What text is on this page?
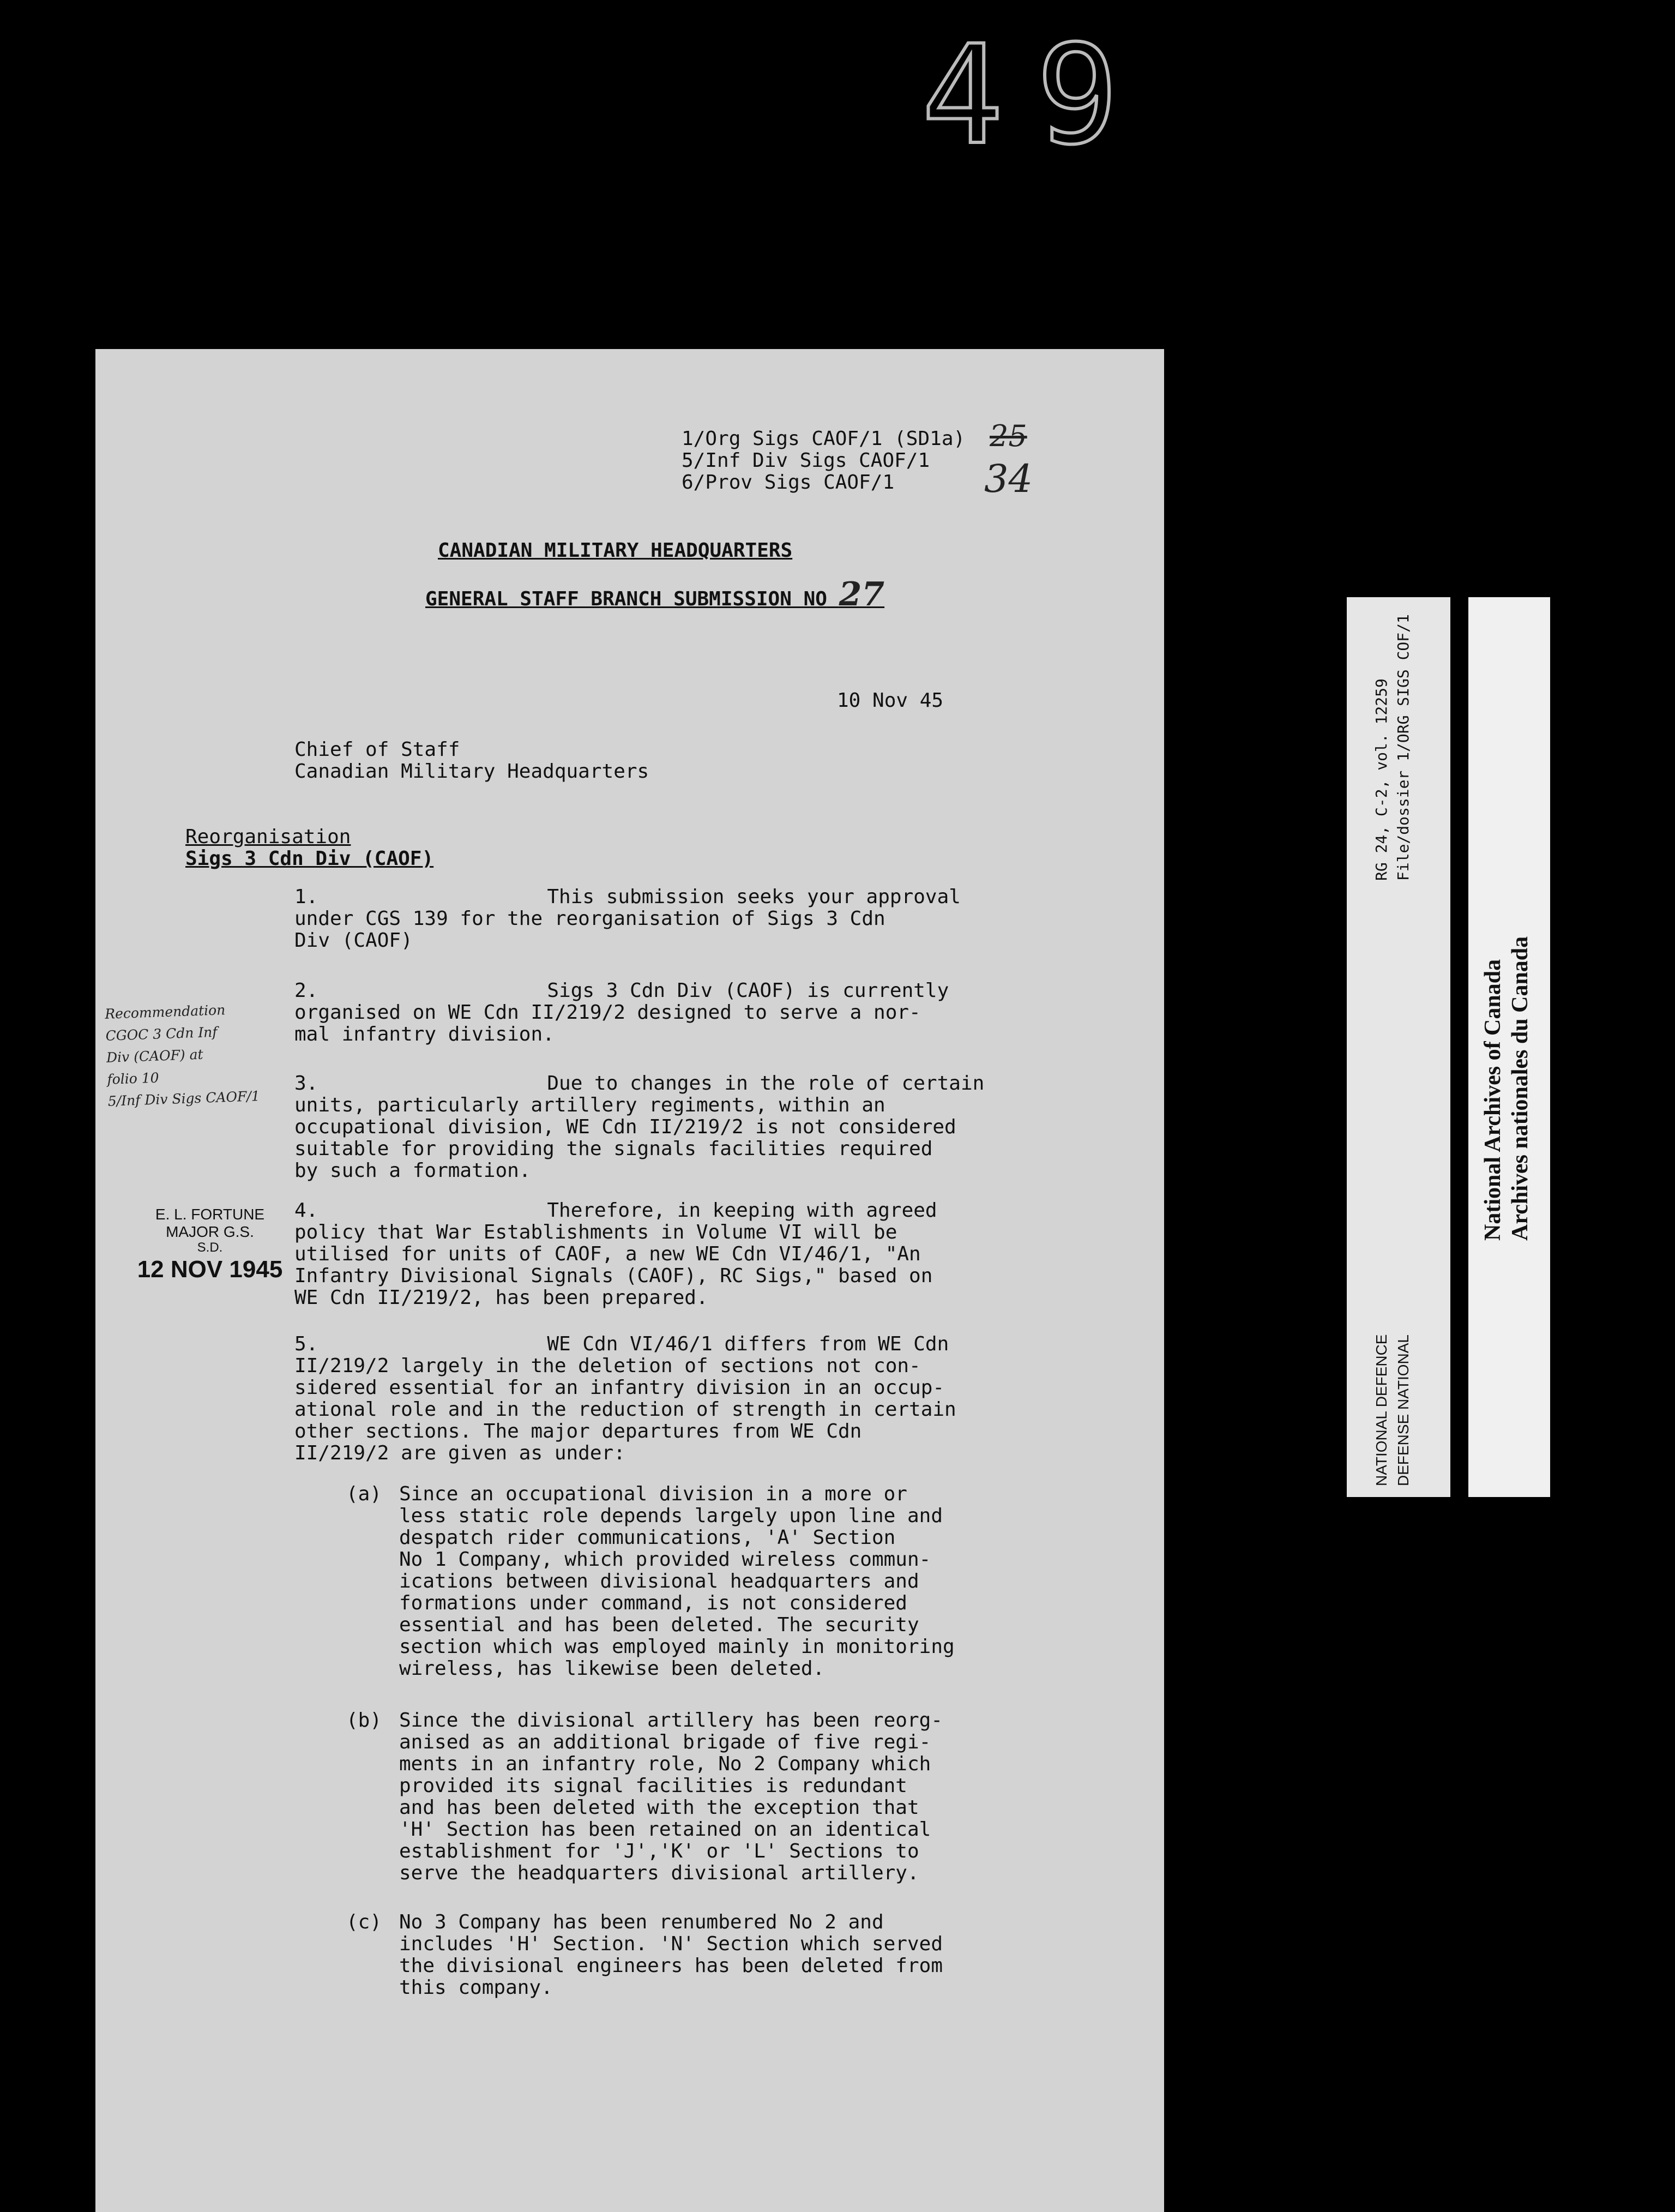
49
1/Org Sigs CAOF/1 (SD1a)
5/Inf Div Sigs CAOF/1
6/Prov Sigs CAOF/1
25
34
CANADIAN MILITARY HEADQUARTERS
GENERAL STAFF BRANCH SUBMISSION NO 27
10 Nov 45
Chief of Staff
Canadian Military Headquarters
Reorganisation
Sigs 3 Cdn Div (CAOF)
1.	This submission seeks your approval
under CGS 139 for the reorganisation of Sigs 3 Cdn
Div (CAOF)
2.	Sigs 3 Cdn Div (CAOF) is currently
organised on WE Cdn II/219/2 designed to serve a nor-
mal infantry division.
3.	Due to changes in the role of certain
units, particularly artillery regiments, within an
occupational division, WE Cdn II/219/2 is not considered
suitable for providing the signals facilities required
by such a formation.
4.	Therefore, in keeping with agreed
policy that War Establishments in Volume VI will be
utilised for units of CAOF, a new WE Cdn VI/46/1, "An
Infantry Divisional Signals (CAOF), RC Sigs," based on
WE Cdn II/219/2, has been prepared.
5.	WE Cdn VI/46/1 differs from WE Cdn
II/219/2 largely in the deletion of sections not con-
sidered essential for an infantry division in an occup-
ational role and in the reduction of strength in certain
other sections. The major departures from WE Cdn
II/219/2 are given as under:
(a) Since an occupational division in a more or
less static role depends largely upon line and
despatch rider communications, 'A' Section
No 1 Company, which provided wireless commun-
ications between divisional headquarters and
formations under command, is not considered
essential and has been deleted. The security
section which was employed mainly in monitoring
wireless, has likewise been deleted.
(b) Since the divisional artillery has been reorg-
anised as an additional brigade of five regi-
ments in an infantry role, No 2 Company which
provided its signal facilities is redundant
and has been deleted with the exception that
'H' Section has been retained on an identical
establishment for 'J','K' or 'L' Sections to
serve the headquarters divisional artillery.
(c) No 3 Company has been renumbered No 2 and
includes 'H' Section. 'N' Section which served
the divisional engineers has been deleted from
this company.
Recommendation
CGOC 3 Cdn Inf
Div (CAOF) at
folio 10
5/Inf Div Sigs CAOF/1
E. L. FORTUNE
MAJOR G.S.
S.D.
12 NOV 1945
RG 24, C-2, vol. 12259 File/dossier 1/ORG SIGS COF/1
NATIONAL DEFENCE DEFENSE NATIONAL
National Archives of Canada Archives nationales du Canada
